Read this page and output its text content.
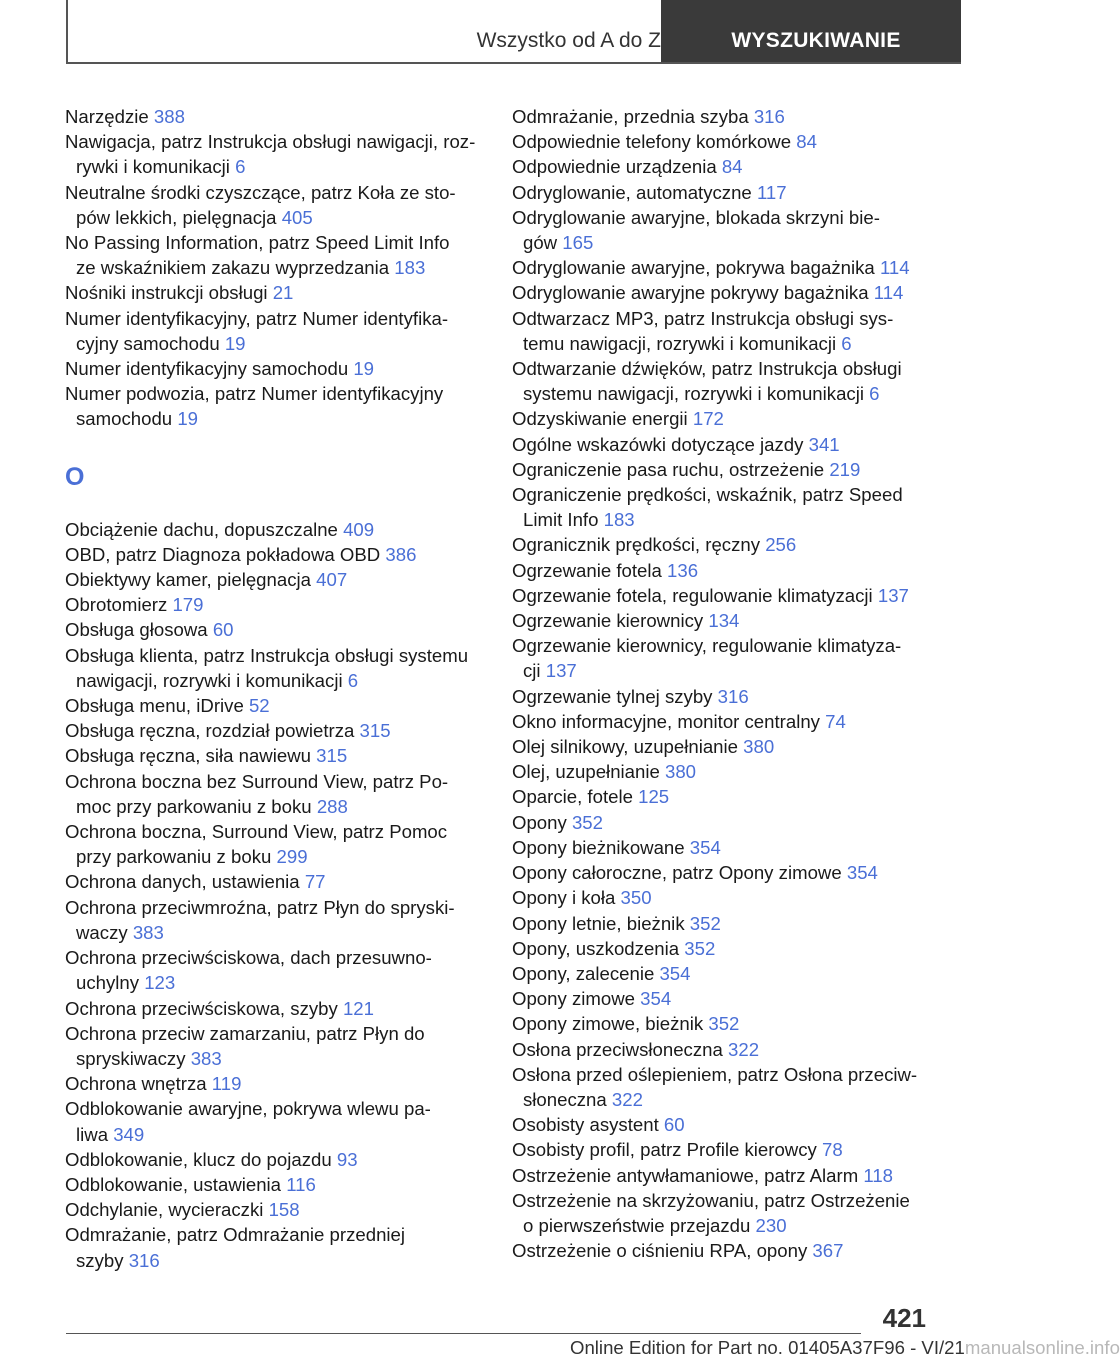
Wszystko od A do Z	WYSZUKIWANIE
Narzędzie 388
Nawigacja, patrz Instrukcja obsługi nawigacji, roz-
rywki i komunikacji 6
Neutralne środki czyszczące, patrz Koła ze sto-
pów lekkich, pielęgnacja 405
No Passing Information, patrz Speed Limit Info
ze wskaźnikiem zakazu wyprzedzania 183
Nośniki instrukcji obsługi 21
Numer identyfikacyjny, patrz Numer identyfika-
cyjny samochodu 19
Numer identyfikacyjny samochodu 19
Numer podwozia, patrz Numer identyfikacyjny
samochodu 19
O
Obciążenie dachu, dopuszczalne 409
OBD, patrz Diagnoza pokładowa OBD 386
Obiektywy kamer, pielęgnacja 407
Obrotomierz 179
Obsługa głosowa 60
Obsługa klienta, patrz Instrukcja obsługi systemu
nawigacji, rozrywki i komunikacji 6
Obsługa menu, iDrive 52
Obsługa ręczna, rozdział powietrza 315
Obsługa ręczna, siła nawiewu 315
Ochrona boczna bez Surround View, patrz Po-
moc przy parkowaniu z boku 288
Ochrona boczna, Surround View, patrz Pomoc
przy parkowaniu z boku 299
Ochrona danych, ustawienia 77
Ochrona przeciwmroźna, patrz Płyn do spryski-
waczy 383
Ochrona przeciwściskowa, dach przesuwno-
uchylny 123
Ochrona przeciwściskowa, szyby 121
Ochrona przeciw zamarzaniu, patrz Płyn do
spryskiwaczy 383
Ochrona wnętrza 119
Odblokowanie awaryjne, pokrywa wlewu pa-
liwa 349
Odblokowanie, klucz do pojazdu 93
Odblokowanie, ustawienia 116
Odchylanie, wycieraczki 158
Odmrażanie, patrz Odmrażanie przedniej
szyby 316
Odmrażanie, przednia szyba 316
Odpowiednie telefony komórkowe 84
Odpowiednie urządzenia 84
Odryglowanie, automatyczne 117
Odryglowanie awaryjne, blokada skrzyni bie-
gów 165
Odryglowanie awaryjne, pokrywa bagażnika 114
Odryglowanie awaryjne pokrywy bagażnika 114
Odtwarzacz MP3, patrz Instrukcja obsługi sys-
temu nawigacji, rozrywki i komunikacji 6
Odtwarzanie dźwięków, patrz Instrukcja obsługi
systemu nawigacji, rozrywki i komunikacji 6
Odzyskiwanie energii 172
Ogólne wskazówki dotyczące jazdy 341
Ograniczenie pasa ruchu, ostrzeżenie 219
Ograniczenie prędkości, wskaźnik, patrz Speed
Limit Info 183
Ogranicznik prędkości, ręczny 256
Ogrzewanie fotela 136
Ogrzewanie fotela, regulowanie klimatyzacji 137
Ogrzewanie kierownicy 134
Ogrzewanie kierownicy, regulowanie klimatyza-
cji 137
Ogrzewanie tylnej szyby 316
Okno informacyjne, monitor centralny 74
Olej silnikowy, uzupełnianie 380
Olej, uzupełnianie 380
Oparcie, fotele 125
Opony 352
Opony bieżnikowane 354
Opony całoroczne, patrz Opony zimowe 354
Opony i koła 350
Opony letnie, bieżnik 352
Opony, uszkodzenia 352
Opony, zalecenie 354
Opony zimowe 354
Opony zimowe, bieżnik 352
Osłona przeciwsłoneczna 322
Osłona przed oślepieniem, patrz Osłona przeciw-
słoneczna 322
Osobisty asystent 60
Osobisty profil, patrz Profile kierowcy 78
Ostrzeżenie antywłamaniowe, patrz Alarm 118
Ostrzeżenie na skrzyżowaniu, patrz Ostrzeżenie
o pierwszeństwie przejazdu 230
Ostrzeżenie o ciśnieniu RPA, opony 367
421
Online Edition for Part no. 01405A37F96 - VI/21manualsonline.info
